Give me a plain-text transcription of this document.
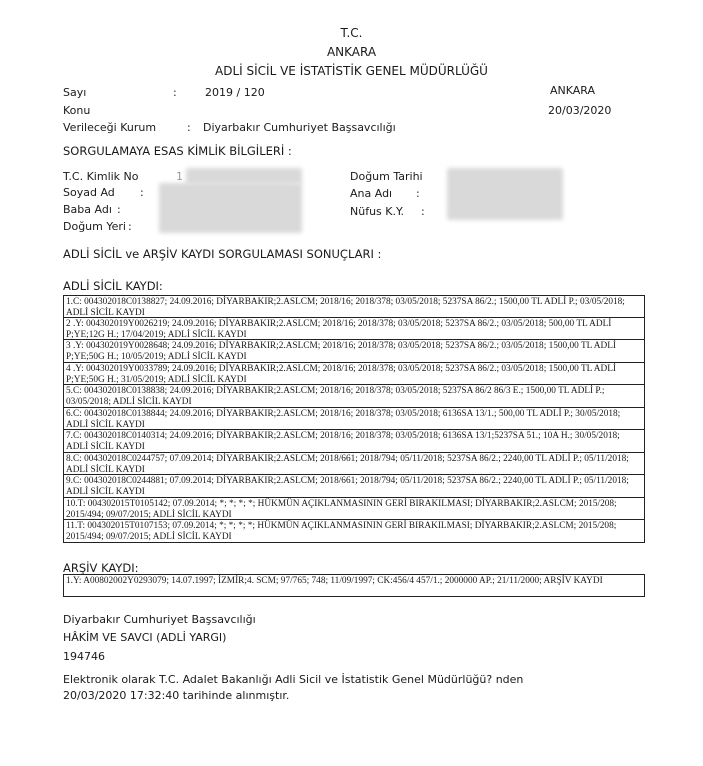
T.C.
ANKARA
ADLİ SİCİL VE İSTATİSTİK GENEL MÜDÜRLÜĞÜ
Sayı	:	2019 / 120	ANKARA
Konu	20/03/2020
Verileceği Kurum	: Diyarbakır Cumhuriyet Başsavcılığı
SORGULAMAYA ESAS KİMLİK BİLGİLERİ :
T.C. Kimlik No	1
Soyad Ad :
Baba Adı :
Doğum Yeri :
Doğum Tarihi
Ana Adı :
Nüfus K.Y. :
ADLİ SİCİL ve ARŞİV KAYDI SORGULAMASI SONUÇLARI :
ADLİ SİCİL KAYDI:
1.C: 004302018C0138827; 24.09.2016; DİYARBAKIR;2.ASLCM; 2018/16; 2018/378; 03/05/2018; 5237SA 86/2.; 1500,00 TL ADLİ P.; 03/05/2018; ADLİ SİCİL KAYDI
2 .Y: 004302019Y0026219; 24.09.2016; DİYARBAKIR;2.ASLCM; 2018/16; 2018/378; 03/05/2018; 5237SA 86/2.; 03/05/2018; 500,00 TL ADLİ P;YE;12G H.; 17/04/2019; ADLİ SİCİL KAYDI
3 .Y: 004302019Y0028648; 24.09.2016; DİYARBAKIR;2.ASLCM; 2018/16; 2018/378; 03/05/2018; 5237SA 86/2.; 03/05/2018; 1500,00 TL ADLİ P;YE;50G H.; 10/05/2019; ADLİ SİCİL KAYDI
4 .Y: 004302019Y0033789; 24.09.2016; DİYARBAKIR;2.ASLCM; 2018/16; 2018/378; 03/05/2018; 5237SA 86/2.; 03/05/2018; 1500,00 TL ADLİ P;YE;50G H.; 31/05/2019; ADLİ SİCİL KAYDI
5.C: 004302018C0138838; 24.09.2016; DİYARBAKIR;2.ASLCM; 2018/16; 2018/378; 03/05/2018; 5237SA 86/2 86/3 E.; 1500,00 TL ADLİ P.; 03/05/2018; ADLİ SİCİL KAYDI
6.C: 004302018C0138844; 24.09.2016; DİYARBAKIR;2.ASLCM; 2018/16; 2018/378; 03/05/2018; 6136SA 13/1.; 500,00 TL ADLİ P.; 30/05/2018; ADLİ SİCİL KAYDI
7.C: 004302018C0140314; 24.09.2016; DİYARBAKIR;2.ASLCM; 2018/16; 2018/378; 03/05/2018; 6136SA 13/1;5237SA 51.; 10A H.; 30/05/2018; ADLİ SİCİL KAYDI
8.C: 004302018C0244757; 07.09.2014; DİYARBAKIR;2.ASLCM; 2018/661; 2018/794; 05/11/2018; 5237SA 86/2.; 2240,00 TL ADLİ P.; 05/11/2018; ADLİ SİCİL KAYDI
9.C: 004302018C0244881; 07.09.2014; DİYARBAKIR;2.ASLCM; 2018/661; 2018/794; 05/11/2018; 5237SA 86/2.; 2240,00 TL ADLİ P.; 05/11/2018; ADLİ SİCİL KAYDI
10.T: 004302015T0105142; 07.09.2014; *; *; *; *; HÜKMÜN AÇIKLANMASININ GERİ BIRAKILMASI; DİYARBAKIR;2.ASLCM; 2015/208; 2015/494; 09/07/2015; ADLİ SİCİL KAYDI
11.T: 004302015T0107153; 07.09.2014; *; *; *; *; HÜKMÜN AÇIKLANMASININ GERİ BIRAKILMASI; DİYARBAKIR;2.ASLCM; 2015/208; 2015/494; 09/07/2015; ADLİ SİCİL KAYDI
ARŞİV KAYDI:
1.Y: A00802002Y0293079; 14.07.1997; İZMİR;4. SCM; 97/765; 748; 11/09/1997; CK:456/4 457/1.; 2000000 AP.; 21/11/2000; ARŞİV KAYDI
Diyarbakır Cumhuriyet Başsavcılığı
HÂKİM VE SAVCI (ADLİ YARGI)
194746
Elektronik olarak T.C. Adalet Bakanlığı Adli Sicil ve İstatistik Genel Müdürlüğü? nden
20/03/2020 17:32:40 tarihinde alınmıştır.
